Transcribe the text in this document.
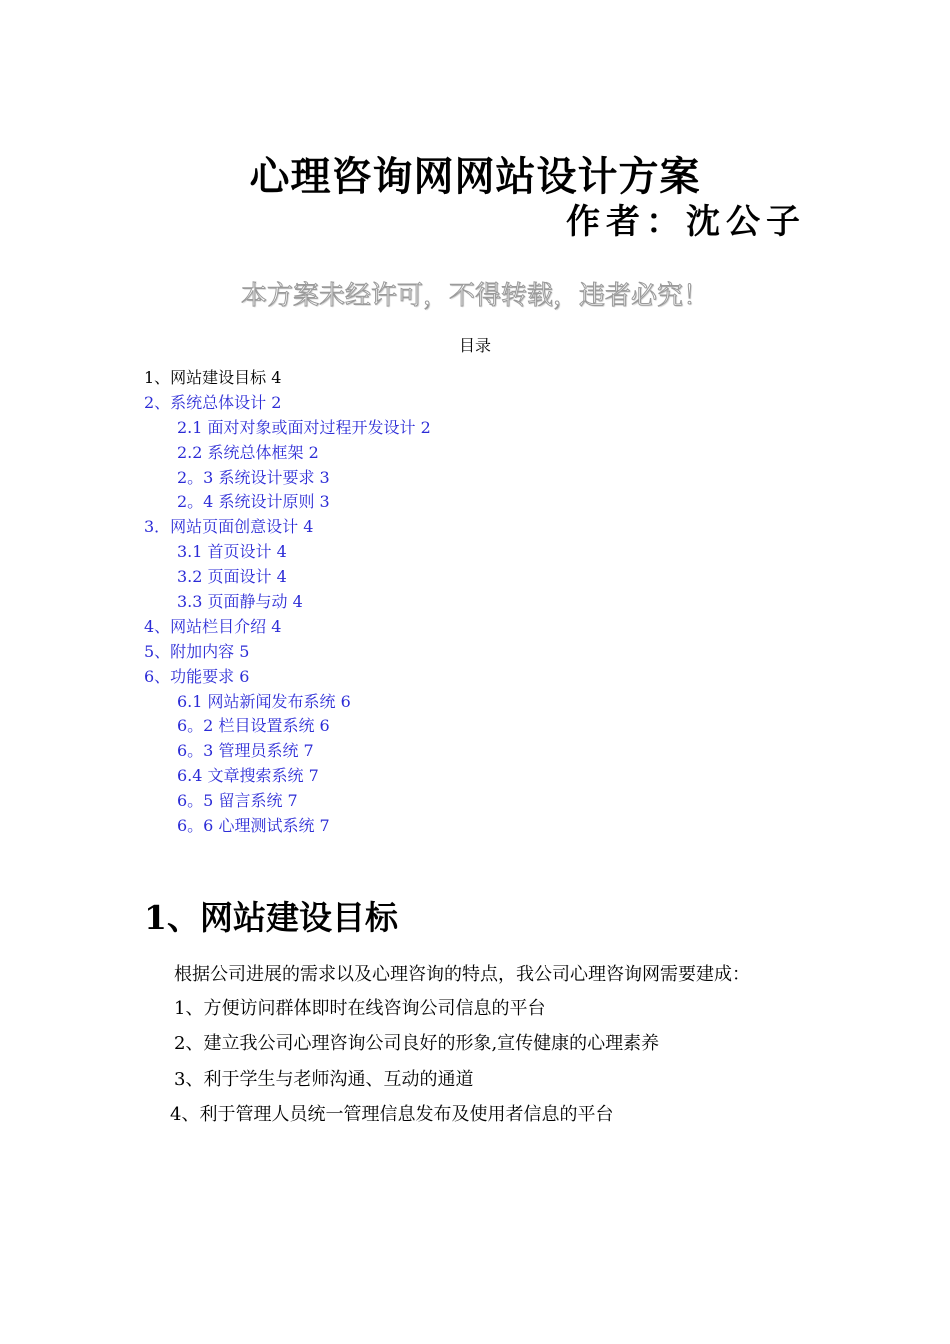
心理咨询网网站设计方案
作者：沈公子
本方案未经许可，不得转载，违者必究！
目录
1、网站建设目标 4
2、系统总体设计 2
2.1 面对对象或面对过程开发设计 2
2.2 系统总体框架 2
2。3 系统设计要求 3
2。4 系统设计原则 3
3．网站页面创意设计 4
3.1 首页设计 4
3.2 页面设计 4
3.3 页面静与动 4
4、网站栏目介绍 4
5、附加内容 5
6、功能要求 6
6.1 网站新闻发布系统 6
6。2 栏目设置系统 6
6。3 管理员系统 7
6.4 文章搜索系统 7
6。5 留言系统 7
6。6 心理测试系统 7
1、网站建设目标

根据公司进展的需求以及心理咨询的特点，我公司心理咨询网需要建成：

1、方便访问群体即时在线咨询公司信息的平台

2、建立我公司心理咨询公司良好的形象,宣传健康的心理素养

3、利于学生与老师沟通、互动的通道

4、利于管理人员统一管理信息发布及使用者信息的平台
